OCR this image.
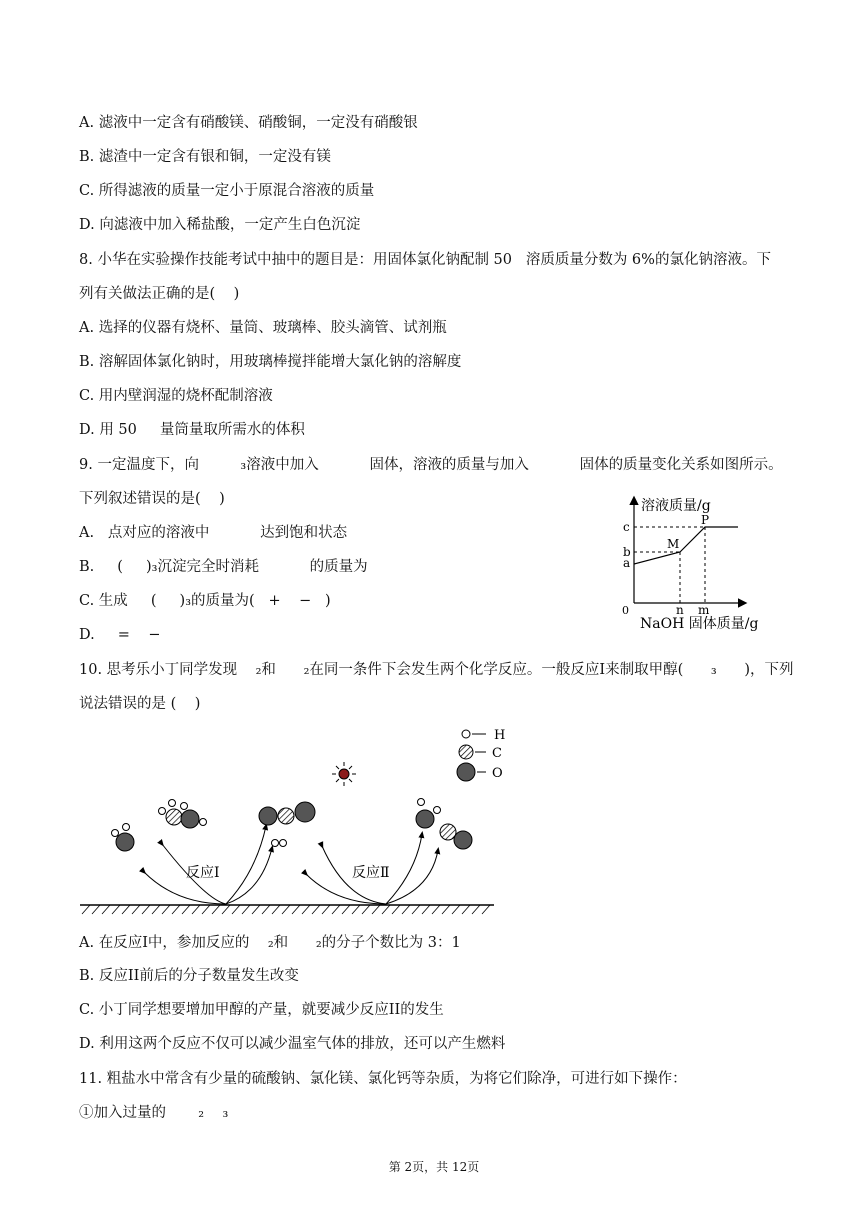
A. 滤液中一定含有硝酸镁、硝酸铜，一定没有硝酸银
B. 滤渣中一定含有银和铜，一定没有镁
C. 所得滤液的质量一定小于原混合溶液的质量
D. 向滤液中加入稀盐酸，一定产生白色沉淀
8. 小华在实验操作技能考试中抽中的题目是：用固体氯化钠配制 50   溶质质量分数为 6%的氯化钠溶液。下
列有关做法正确的是(    )
A. 选择的仪器有烧杯、量筒、玻璃棒、胶头滴管、试剂瓶
B. 溶解固体氯化钠时，用玻璃棒搅拌能增大氯化钠的溶解度
C. 用内壁润湿的烧杯配制溶液
D. 用 50     量筒量取所需水的体积
9. 一定温度下，向         ₃溶液中加入           固体，溶液的质量与加入           固体的质量变化关系如图所示。
下列叙述错误的是(    )
A.   点对应的溶液中           达到饱和状态
B.     (     )₃沉淀完全时消耗           的质量为
C. 生成     (     )₃的质量为(   +    −   )
D.     =    −
10. 思考乐小丁同学发现    ₂和      ₂在同一条件下会发生两个化学反应。一般反应I来制取甲醇(      ₃      )，下列
说法错误的是 (    )
A. 在反应I中，参加反应的    ₂和      ₂的分子个数比为 3：1
B. 反应II前后的分子数量发生改变
C. 小丁同学想要增加甲醇的产量，就要减少反应II的发生
D. 利用这两个反应不仅可以减少温室气体的排放，还可以产生燃料
11. 粗盐水中常含有少量的硫酸钠、氯化镁、氯化钙等杂质，为将它们除净，可进行如下操作：
①加入过量的       ₂    ₃
溶液质量/g
NaOH 固体质量/g
0
c
b
a
n m
M
P
H
C
O
反应I	反应Ⅱ
第 2页，共 12页
